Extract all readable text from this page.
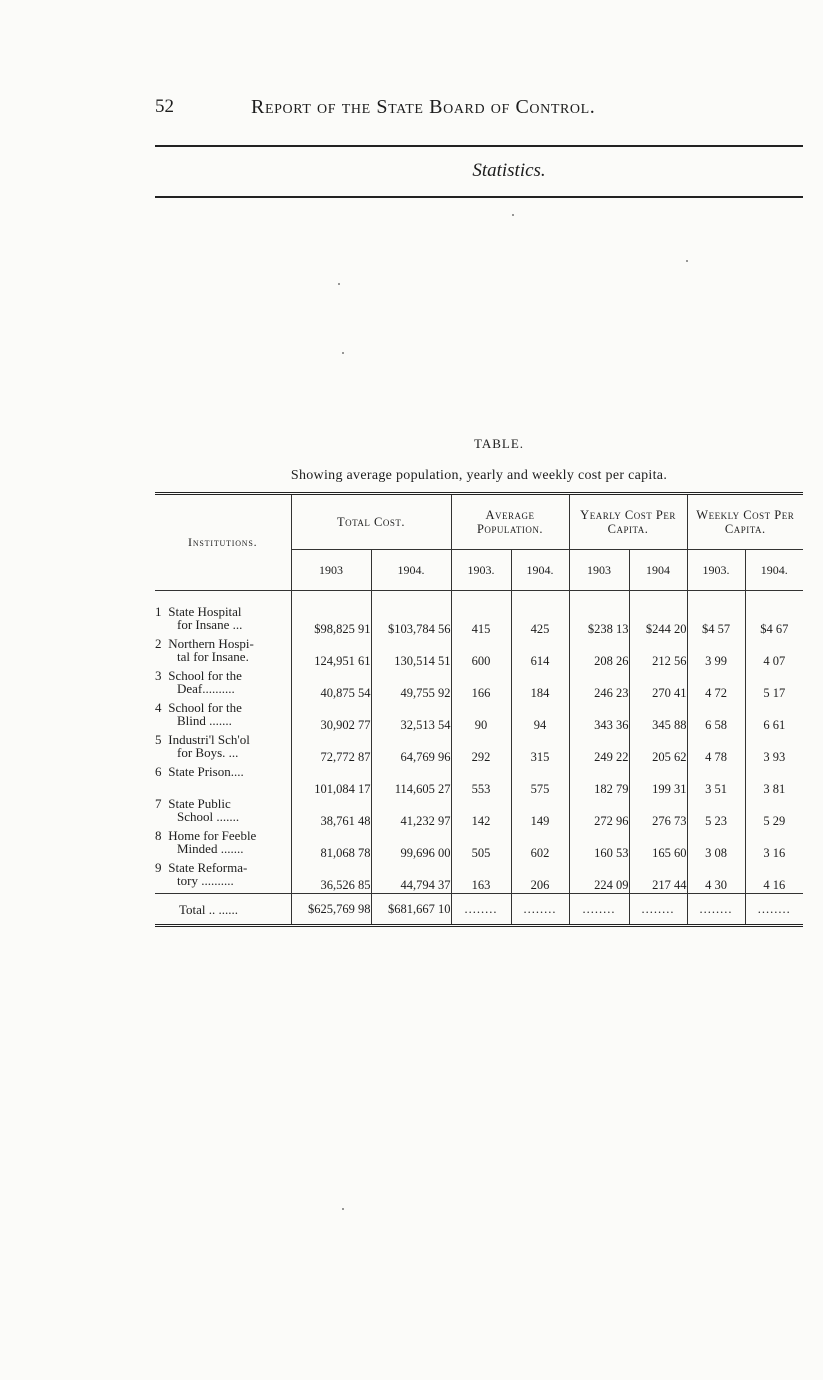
52	Report of the State Board of Control.
Statistics.
TABLE.
Showing average population, yearly and weekly cost per capita.
Institutions.	Total Cost.		Average Population.		Yearly Cost Per Capita.		Weekly Cost Per Capita.	
	1903	1904.	1903.	1904.	1903	1904	1903.	1904.

1 State Hospital
for Insane ...	$98,825 91	$103,784 56	415	425	$238 13	$244 20	$4 57	$4 67
2 Northern Hospi-
tal for Insane.	124,951 61	130,514 51	600	614	208 26	212 56	3 99	4 07
3 School for the
Deaf..........	40,875 54	49,755 92	166	184	246 23	270 41	4 72	5 17
4 School for the
Blind .......	30,902 77	32,513 54	90	94	343 36	345 88	6 58	6 61
5 Industri'l Sch'ol
for Boys. ...	72,772 87	64,769 96	292	315	249 22	205 62	4 78	3 93
6 State Prison....	101,084 17	114,605 27	553	575	182 79	199 31	3 51	3 81
7 State Public
School .......	38,761 48	41,232 97	142	149	272 96	276 73	5 23	5 29
8 Home for Feeble
Minded .......	81,068 78	99,696 00	505	602	160 53	165 60	3 08	3 16
9 State Reforma-
tory ..........	36,526 85	44,794 37	163	206	224 09	217 44	4 30	4 16
Total .. ......	$625,769 98	$681,667 10	........	........	........	........	........	........
